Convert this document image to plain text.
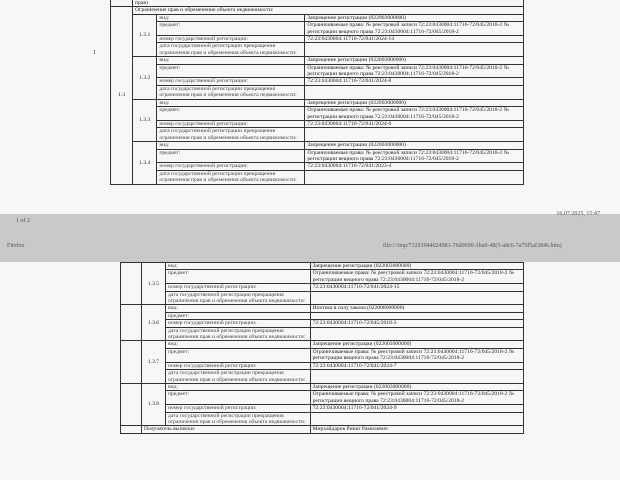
	прав)		
1.3	Ограничение прав и обременение объекта недвижимости:		
	1.3.1	вид:	Запрещение регистрации (022003000000)
		предмет:	Ограничиваемые права: № реестровой записи 72:23:0430004:11716-72/045/2018-2 № регистрации вещного права 72:23:0430004:11716-72/045/2018-2
		номер государственной регистрации:	72:23:0430004:11716-72/041/2024-14
		дата государственной регистрации прекращения ограничения прав и обременения объекта недвижимости:	
	1.3.2	вид:	Запрещение регистрации (022003000000)
		предмет:	Ограничиваемые права: № реестровой записи 72:23:0430004:11716-72/045/2018-2 № регистрации вещного права 72:23:0430004:11716-72/045/2018-2
		номер государственной регистрации:	72:23:0430004:11716-72/041/2024-8
		дата государственной регистрации прекращения ограничения прав и обременения объекта недвижимости:	
	1.3.3	вид:	Запрещение регистрации (022003000000)
		предмет:	Ограничиваемые права: № реестровой записи 72:23:0430004:11716-72/045/2018-2 № регистрации вещного права 72:23:0430004:11716-72/045/2018-2
		номер государственной регистрации:	72:23:0430004:11716-72/041/2024-6
		дата государственной регистрации прекращения ограничения прав и обременения объекта недвижимости:	
	1.3.4	вид:	Запрещение регистрации (022003000000)
		предмет:	Ограничиваемые права: № реестровой записи 72:23:0430004:11716-72/045/2018-2 № регистрации вещного права 72:23:0430004:11716-72/045/2018-2
		номер государственной регистрации:	72:23:0430004:11716-72/041/2023-4
		дата государственной регистрации прекращения ограничения прав и обременения объекта недвижимости:	
1
1 of 2
16.07.2025, 15:47
Firefox	file:///tmp/71291944024981-76d0690-1ba0-48(5-a8c6-7a75f5af3846.htm)
	1.3.5	вид:	Запрещение регистрации (022003000000)
		предмет:	Ограничиваемые права: № реестровой записи 72:23:0430004:11716-72/045/2018-2 № регистрации вещного права 72:23:0430004:11716-72/045/2018-2
		номер государственной регистрации:	72:23:0430004:11716-72/041/2024-15
		дата государственной регистрации прекращения ограничения прав и обременения объекта недвижимости:	
	1.3.6	вид:	Ипотека в силу закона (022008000000)
		предмет:	
		номер государственной регистрации:	72:23:0430004:11716-72/045/2018-3
		дата государственной регистрации прекращения ограничения прав и обременения объекта недвижимости:	
	1.3.7	вид:	Запрещение регистрации (022003000000)
		предмет:	Ограничиваемые права: № реестровой записи 72:23:0430004:11716-72/045/2018-2 № регистрации вещного права 72:23:0430004:11716-72/045/2018-2
		номер государственной регистрации:	72:23:0430004:11716-72/041/2024-7
		дата государственной регистрации прекращения ограничения прав и обременения объекта недвижимости:	
	1.3.8	вид:	Запрещение регистрации (022003000000)
		предмет:	Ограничиваемые права: № реестровой записи 72:23:0430004:11716-72/045/2018-2 № регистрации вещного права 72:23:0430004:11716-72/045/2018-2
		номер государственной регистрации:	72:23:0430004:11716-72/041/2024-9
		дата государственной регистрации прекращения ограничения прав и обременения объекта недвижимости:	
	Получатель выписки:		Мирхайдаров Ринат Рамилевич
